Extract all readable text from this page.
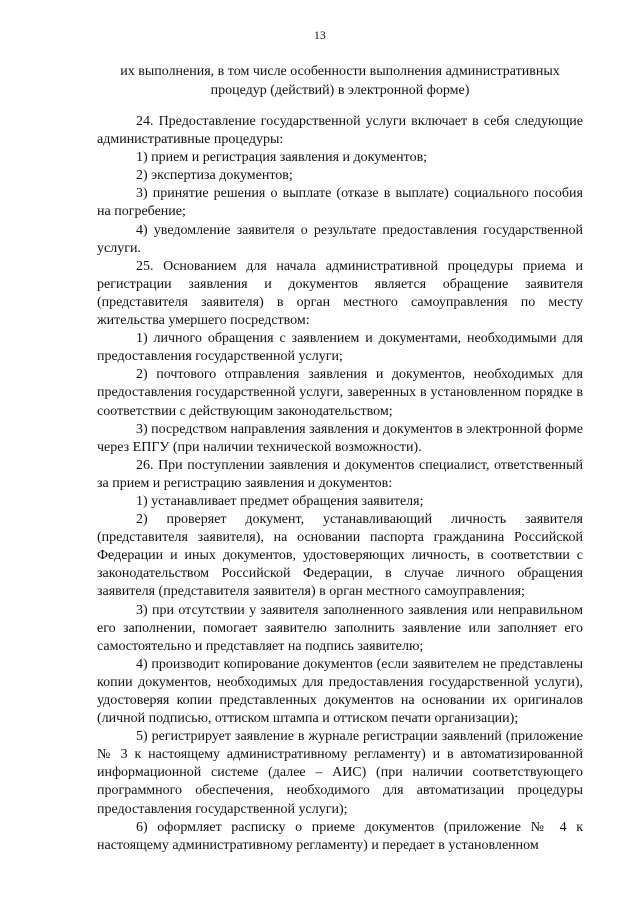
13
их выполнения, в том числе особенности выполнения административных
процедур (действий) в электронной форме)

24. Предоставление государственной услуги включает в себя следующие административные процедуры:

1) прием и регистрация заявления и документов;

2) экспертиза документов;

3) принятие решения о выплате (отказе в выплате) социального пособия на погребение;

4) уведомление заявителя о результате предоставления государственной услуги.

25. Основанием для начала административной процедуры приема и регистрации заявления и документов является обращение заявителя (представителя заявителя) в орган местного самоуправления по месту жительства умершего посредством:

1) личного обращения с заявлением и документами, необходимыми для предоставления государственной услуги;

2) почтового отправления заявления и документов, необходимых для предоставления государственной услуги, заверенных в установленном порядке в соответствии с действующим законодательством;

3) посредством направления заявления и документов в электронной форме через ЕПГУ (при наличии технической возможности).

26. При поступлении заявления и документов специалист, ответственный за прием и регистрацию заявления и документов:

1) устанавливает предмет обращения заявителя;

2) проверяет документ, устанавливающий личность заявителя (представителя заявителя), на основании паспорта гражданина Российской Федерации и иных документов, удостоверяющих личность, в соответствии с законодательством Российской Федерации, в случае личного обращения заявителя (представителя заявителя) в орган местного самоуправления;

3) при отсутствии у заявителя заполненного заявления или неправильном его заполнении, помогает заявителю заполнить заявление или заполняет его самостоятельно и представляет на подпись заявителю;

4) производит копирование документов (если заявителем не представлены копии документов, необходимых для предоставления государственной услуги), удостоверяя копии представленных документов на основании их оригиналов (личной подписью, оттиском штампа и оттиском печати организации);

5) регистрирует заявление в журнале регистрации заявлений (приложение № 3 к настоящему административному регламенту) и в автоматизированной информационной системе (далее – АИС) (при наличии соответствующего программного обеспечения, необходимого для автоматизации процедуры предоставления государственной услуги);

6) оформляет расписку о приеме документов (приложение № 4 к настоящему административному регламенту) и передает в установленном
